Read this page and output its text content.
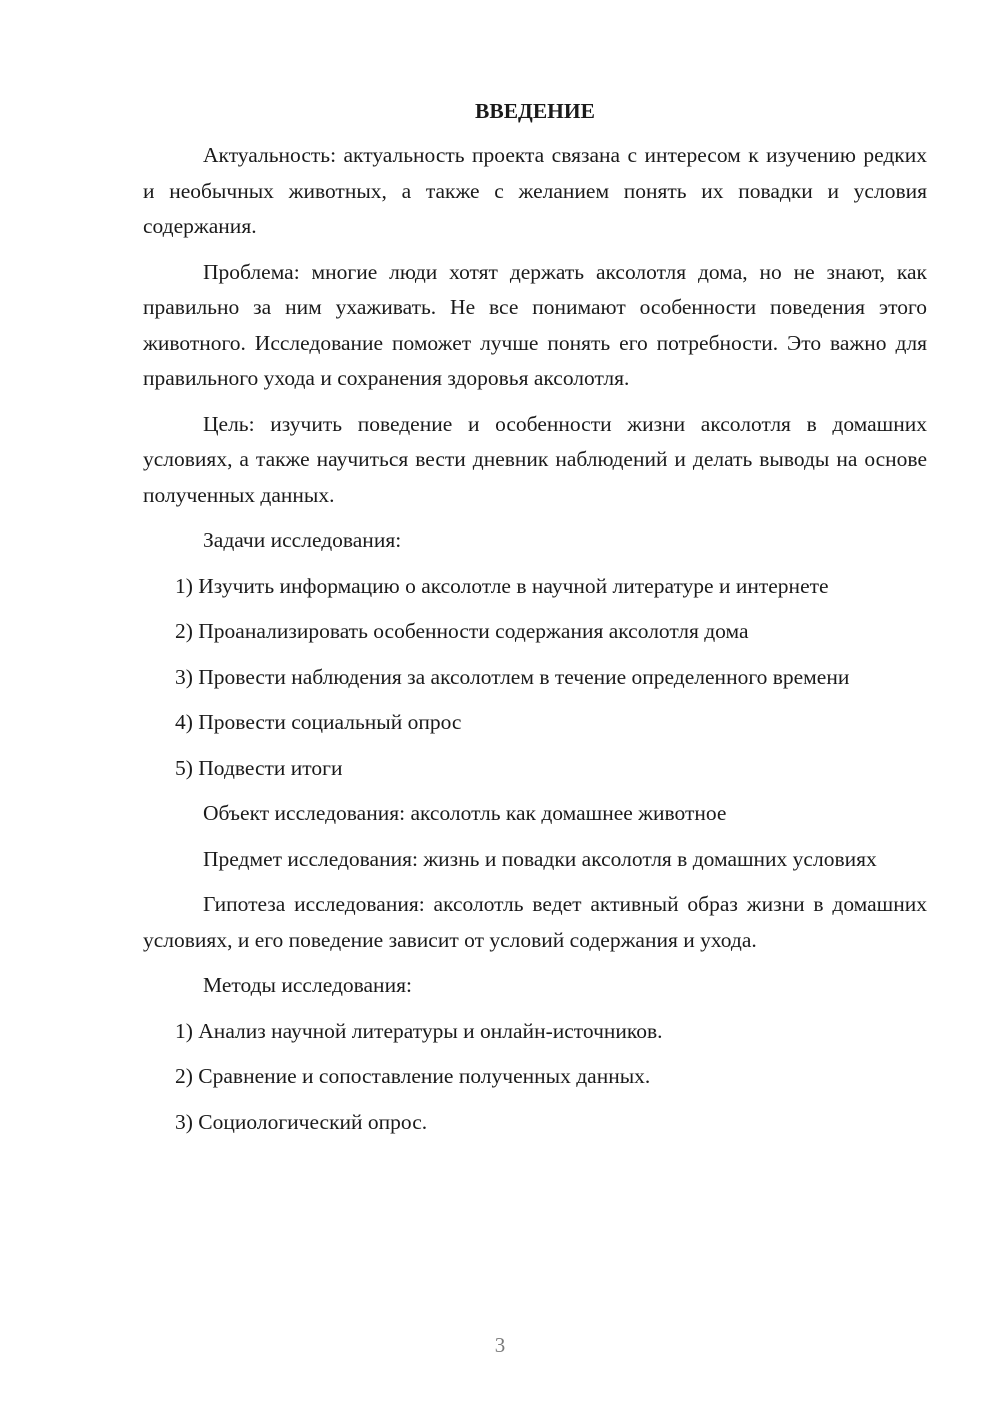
ВВЕДЕНИЕ

Актуальность: актуальность проекта связана с интересом к изучению редких и необычных животных, а также с желанием понять их повадки и условия содержания.

Проблема: многие люди хотят держать аксолотля дома, но не знают, как правильно за ним ухаживать. Не все понимают особенности поведения этого животного. Исследование поможет лучше понять его потребности. Это важно для правильного ухода и сохранения здоровья аксолотля.

Цель: изучить поведение и особенности жизни аксолотля в домашних условиях, а также научиться вести дневник наблюдений и делать выводы на основе полученных данных.

Задачи исследования:

1) Изучить информацию о аксолотле в научной литературе и интернете

2) Проанализировать особенности содержания аксолотля дома

3) Провести наблюдения за аксолотлем в течение определенного времени

4) Провести социальный опрос

5) Подвести итоги

Объект исследования: аксолотль как домашнее животное

Предмет исследования: жизнь и повадки аксолотля в домашних условиях

Гипотеза исследования: аксолотль ведет активный образ жизни в домашних условиях, и его поведение зависит от условий содержания и ухода.

Методы исследования:

1) Анализ научной литературы и онлайн-источников.

2) Сравнение и сопоставление полученных данных.

3) Социологический опрос.

3
